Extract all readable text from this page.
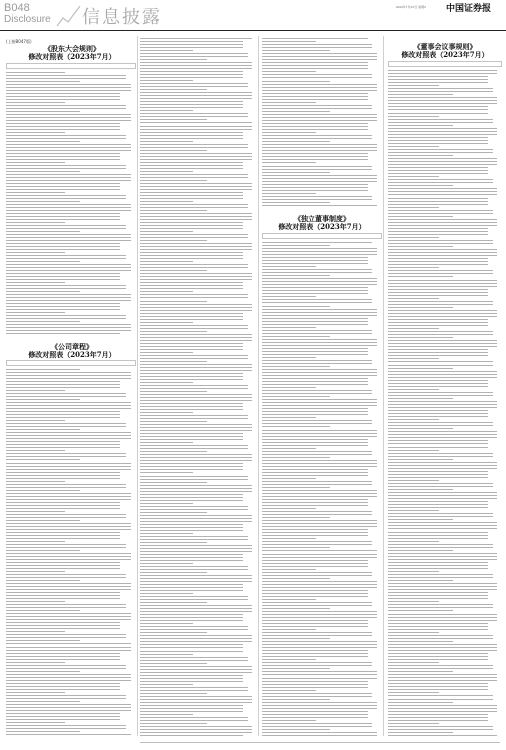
B048
Disclosure 信息披露	2023年7月XX日 星期X 中国证券报
(上接B047版)
《股东大会规则》
修改对照表（2023年7月）
《公司章程》
修改对照表（2023年7月）
《独立董事制度》
修改对照表（2023年7月）
《董事会议事规则》
修改对照表（2023年7月）
